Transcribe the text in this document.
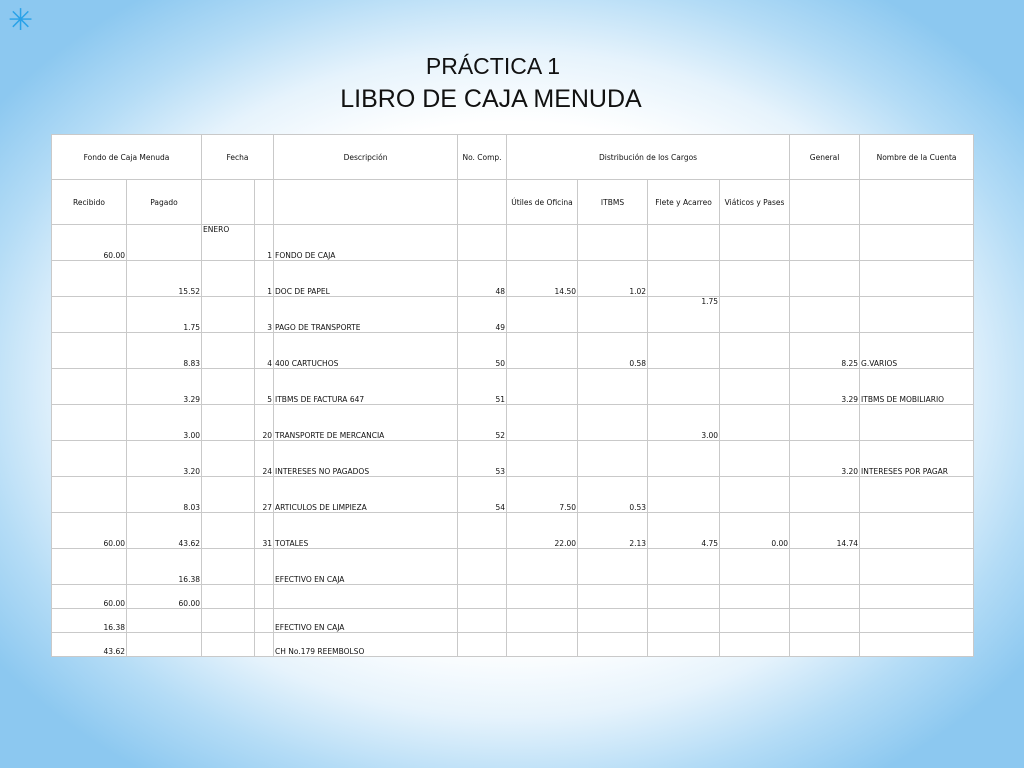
✳
PRÁCTICA 1
LIBRO DE CAJA MENUDA
Fondo de Caja Menuda		Fecha		Descripción	No. Comp.	Distribución de los Cargos				General	Nombre de la Cuenta
Recibido	Pagado					Útiles de Oficina	ITBMS	Flete y Acarreo	Viáticos y Pases		
60.00		ENERO	1	FONDO DE CAJA							
	15.52		1	DOC DE PAPEL	48	14.50	1.02				
	1.75		3	PAGO DE TRANSPORTE	49			1.75			
	8.83		4	400 CARTUCHOS	50		0.58			8.25	G.VARIOS
	3.29		5	ITBMS DE FACTURA 647	51					3.29	ITBMS DE MOBILIARIO
	3.00		20	TRANSPORTE DE MERCANCIA	52			3.00			
	3.20		24	INTERESES NO PAGADOS	53					3.20	INTERESES POR PAGAR
	8.03		27	ARTICULOS DE LIMPIEZA	54	7.50	0.53				
60.00	43.62		31	TOTALES		22.00	2.13	4.75	0.00	14.74	
	16.38			EFECTIVO EN CAJA							
60.00	60.00										
16.38				EFECTIVO EN CAJA							
43.62				CH No.179 REEMBOLSO							
